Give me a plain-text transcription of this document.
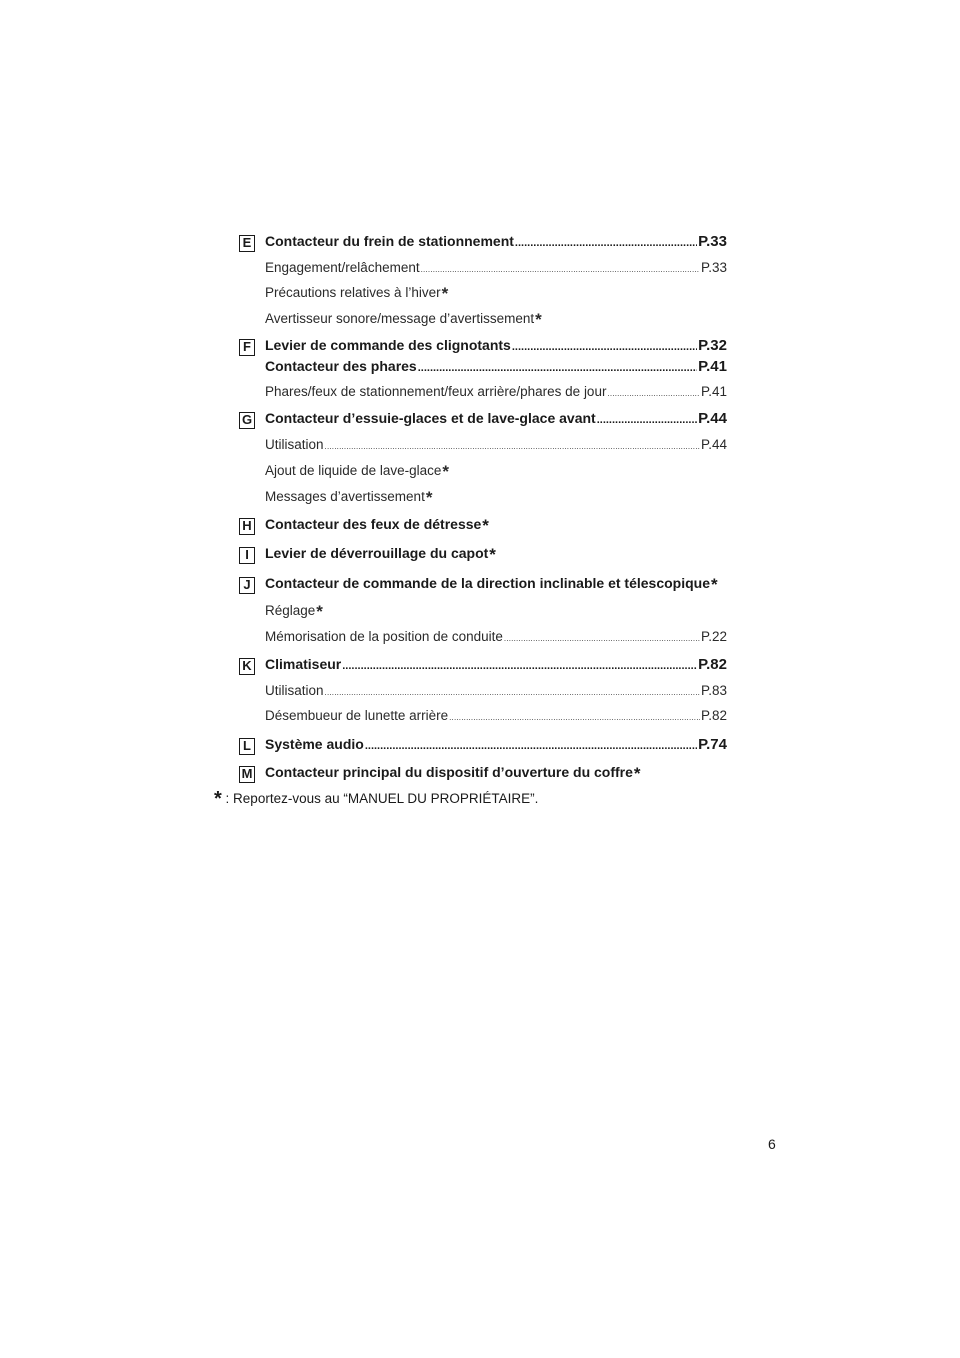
E Contacteur du frein de stationnement .....	P.33
Engagement/relâchement .....	P.33
Précautions relatives à l’hiver*
Avertisseur sonore/message d’avertissement*
F Levier de commande des clignotants .....	P.32
Contacteur des phares .....	P.41
Phares/feux de stationnement/feux arrière/phares de jour .....	P.41
G Contacteur d’essuie-glaces et de lave-glace avant .....	P.44
Utilisation .....	P.44
Ajout de liquide de lave-glace*
Messages d’avertissement*
H Contacteur des feux de détresse*
I	Levier de déverrouillage du capot*
J	Contacteur de commande de la direction inclinable et télescopique*
Réglage*
Mémorisation de la position de conduite .....	P.22
K Climatiseur .....	P.82
Utilisation .....	P.83
Désembueur de lunette arrière .....	P.82
L Système audio .....	P.74
M Contacteur principal du dispositif d’ouverture du coffre*
* : Reportez-vous au “MANUEL DU PROPRIÉTAIRE”.
6
